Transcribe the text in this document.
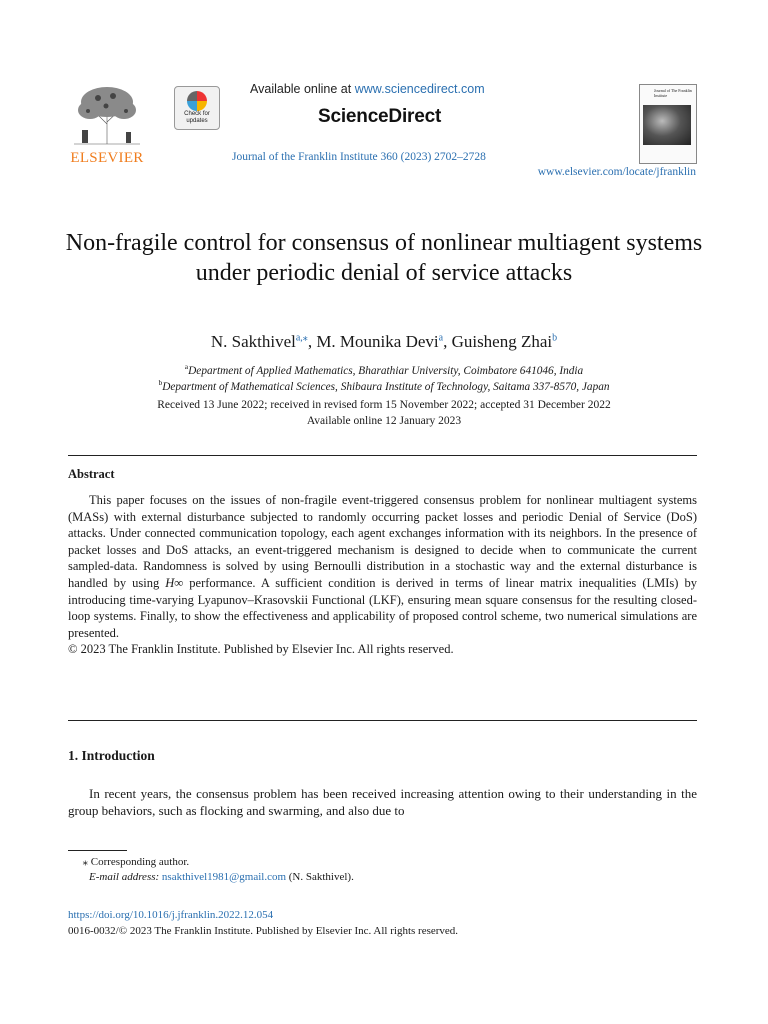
ELSEVIER
Check for updates
Available online at www.sciencedirect.com
ScienceDirect
Journal of the Franklin Institute 360 (2023) 2702–2728
www.elsevier.com/locate/jfranklin
Journal of The Franklin Institute
Non-fragile control for consensus of nonlinear multiagent systems under periodic denial of service attacks
N. Sakthivel$^{a,⁎}$, M. Mounika Devi$^a$, Guisheng Zhai$^b$
$^a$Department of Applied Mathematics, Bharathiar University, Coimbatore 641046, India
$^b$Department of Mathematical Sciences, Shibaura Institute of Technology, Saitama 337-8570, Japan
Received 13 June 2022; received in revised form 15 November 2022; accepted 31 December 2022
Available online 12 January 2023
Abstract

This paper focuses on the issues of non-fragile event-triggered consensus problem for nonlinear multiagent systems (MASs) with external disturbance subjected to randomly occurring packet losses and periodic Denial of Service (DoS) attacks. Under connected communication topology, each agent exchanges information with its neighbors. In the presence of packet losses and DoS attacks, an event-triggered mechanism is designed to decide when to communicate the current sampled-data. Randomness is solved by using Bernoulli distribution in a stochastic way and the external disturbance is handled by using H∞ performance. A sufficient condition is derived in terms of linear matrix inequalities (LMIs) by introducing time-varying Lyapunov–Krasovskii Functional (LKF), ensuring mean square consensus for the resulting closed-loop systems. Finally, to show the effectiveness and applicability of proposed control scheme, two numerical simulations are presented.

© 2023 The Franklin Institute. Published by Elsevier Inc. All rights reserved.

1. Introduction
In recent years, the consensus problem has been received increasing attention owing to their understanding in the group behaviors, such as flocking and swarming, and also due to
⁎ Corresponding author.
E-mail address: nsakthivel1981@gmail.com (N. Sakthivel).
https://doi.org/10.1016/j.jfranklin.2022.12.054
0016-0032/© 2023 The Franklin Institute. Published by Elsevier Inc. All rights reserved.
